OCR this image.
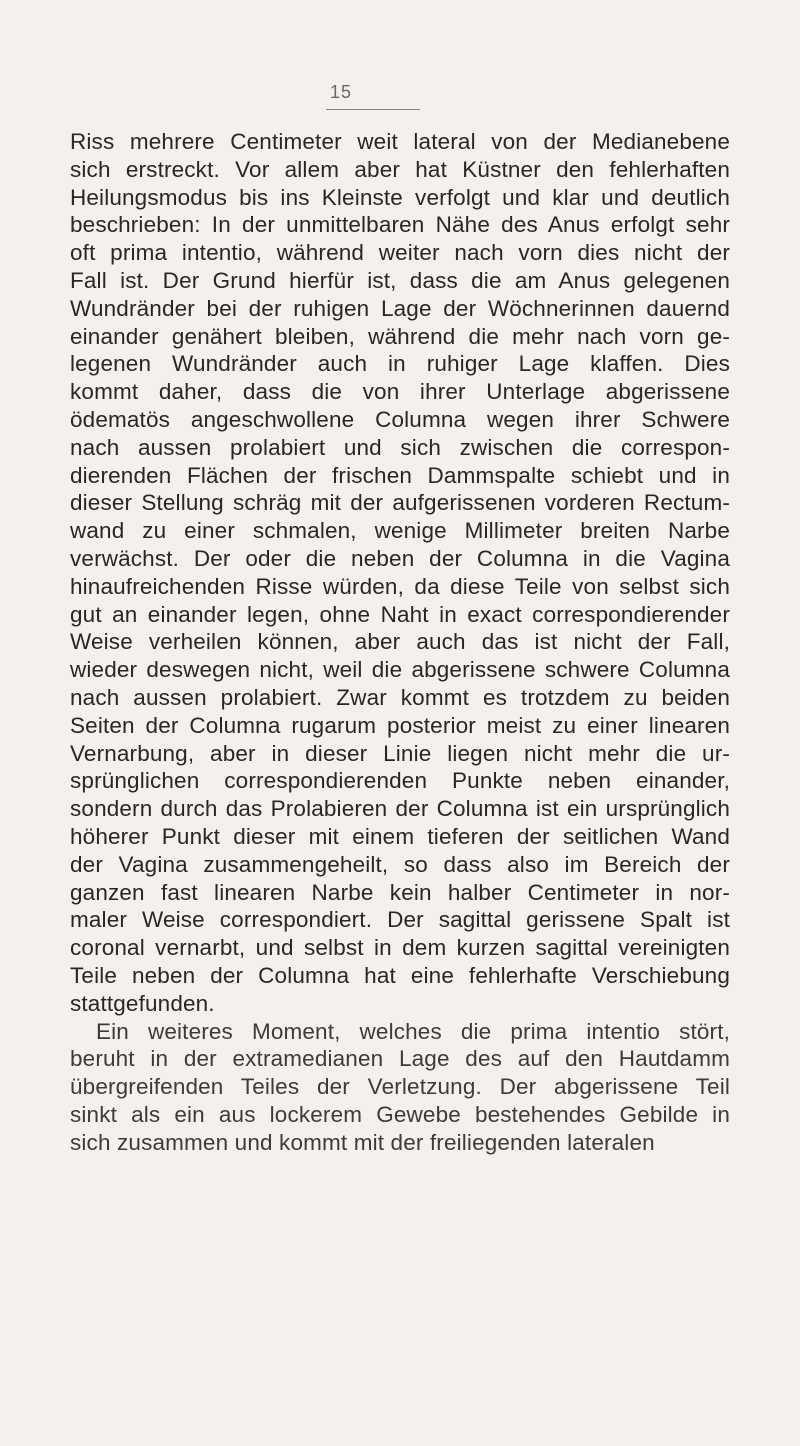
15
Riss mehrere Centimeter weit lateral von der Medianebene
sich erstreckt. Vor allem aber hat Küstner den fehlerhaften
Heilungsmodus bis ins Kleinste verfolgt und klar und deutlich
beschrieben: In der unmittelbaren Nähe des Anus erfolgt sehr
oft prima intentio, während weiter nach vorn dies nicht der
Fall ist. Der Grund hierfür ist, dass die am Anus gelegenen
Wundränder bei der ruhigen Lage der Wöchnerinnen dauernd
einander genähert bleiben, während die mehr nach vorn ge-
legenen Wundränder auch in ruhiger Lage klaffen. Dies
kommt daher, dass die von ihrer Unterlage abgerissene
ödematös angeschwollene Columna wegen ihrer Schwere
nach aussen prolabiert und sich zwischen die correspon-
dierenden Flächen der frischen Dammspalte schiebt und in
dieser Stellung schräg mit der aufgerissenen vorderen Rectum-
wand zu einer schmalen, wenige Millimeter breiten Narbe
verwächst. Der oder die neben der Columna in die Vagina
hinaufreichenden Risse würden, da diese Teile von selbst sich
gut an einander legen, ohne Naht in exact correspondierender
Weise verheilen können, aber auch das ist nicht der Fall,
wieder deswegen nicht, weil die abgerissene schwere Columna
nach aussen prolabiert. Zwar kommt es trotzdem zu beiden
Seiten der Columna rugarum posterior meist zu einer linearen
Vernarbung, aber in dieser Linie liegen nicht mehr die ur-
sprünglichen correspondierenden Punkte neben einander,
sondern durch das Prolabieren der Columna ist ein ursprünglich
höherer Punkt dieser mit einem tieferen der seitlichen Wand
der Vagina zusammengeheilt, so dass also im Bereich der
ganzen fast linearen Narbe kein halber Centimeter in nor-
maler Weise correspondiert. Der sagittal gerissene Spalt ist
coronal vernarbt, und selbst in dem kurzen sagittal vereinigten
Teile neben der Columna hat eine fehlerhafte Verschiebung
stattgefunden.
Ein weiteres Moment, welches die prima intentio stört,
beruht in der extramedianen Lage des auf den Hautdamm
übergreifenden Teiles der Verletzung. Der abgerissene Teil
sinkt als ein aus lockerem Gewebe bestehendes Gebilde in
sich zusammen und kommt mit der freiliegenden lateralen
